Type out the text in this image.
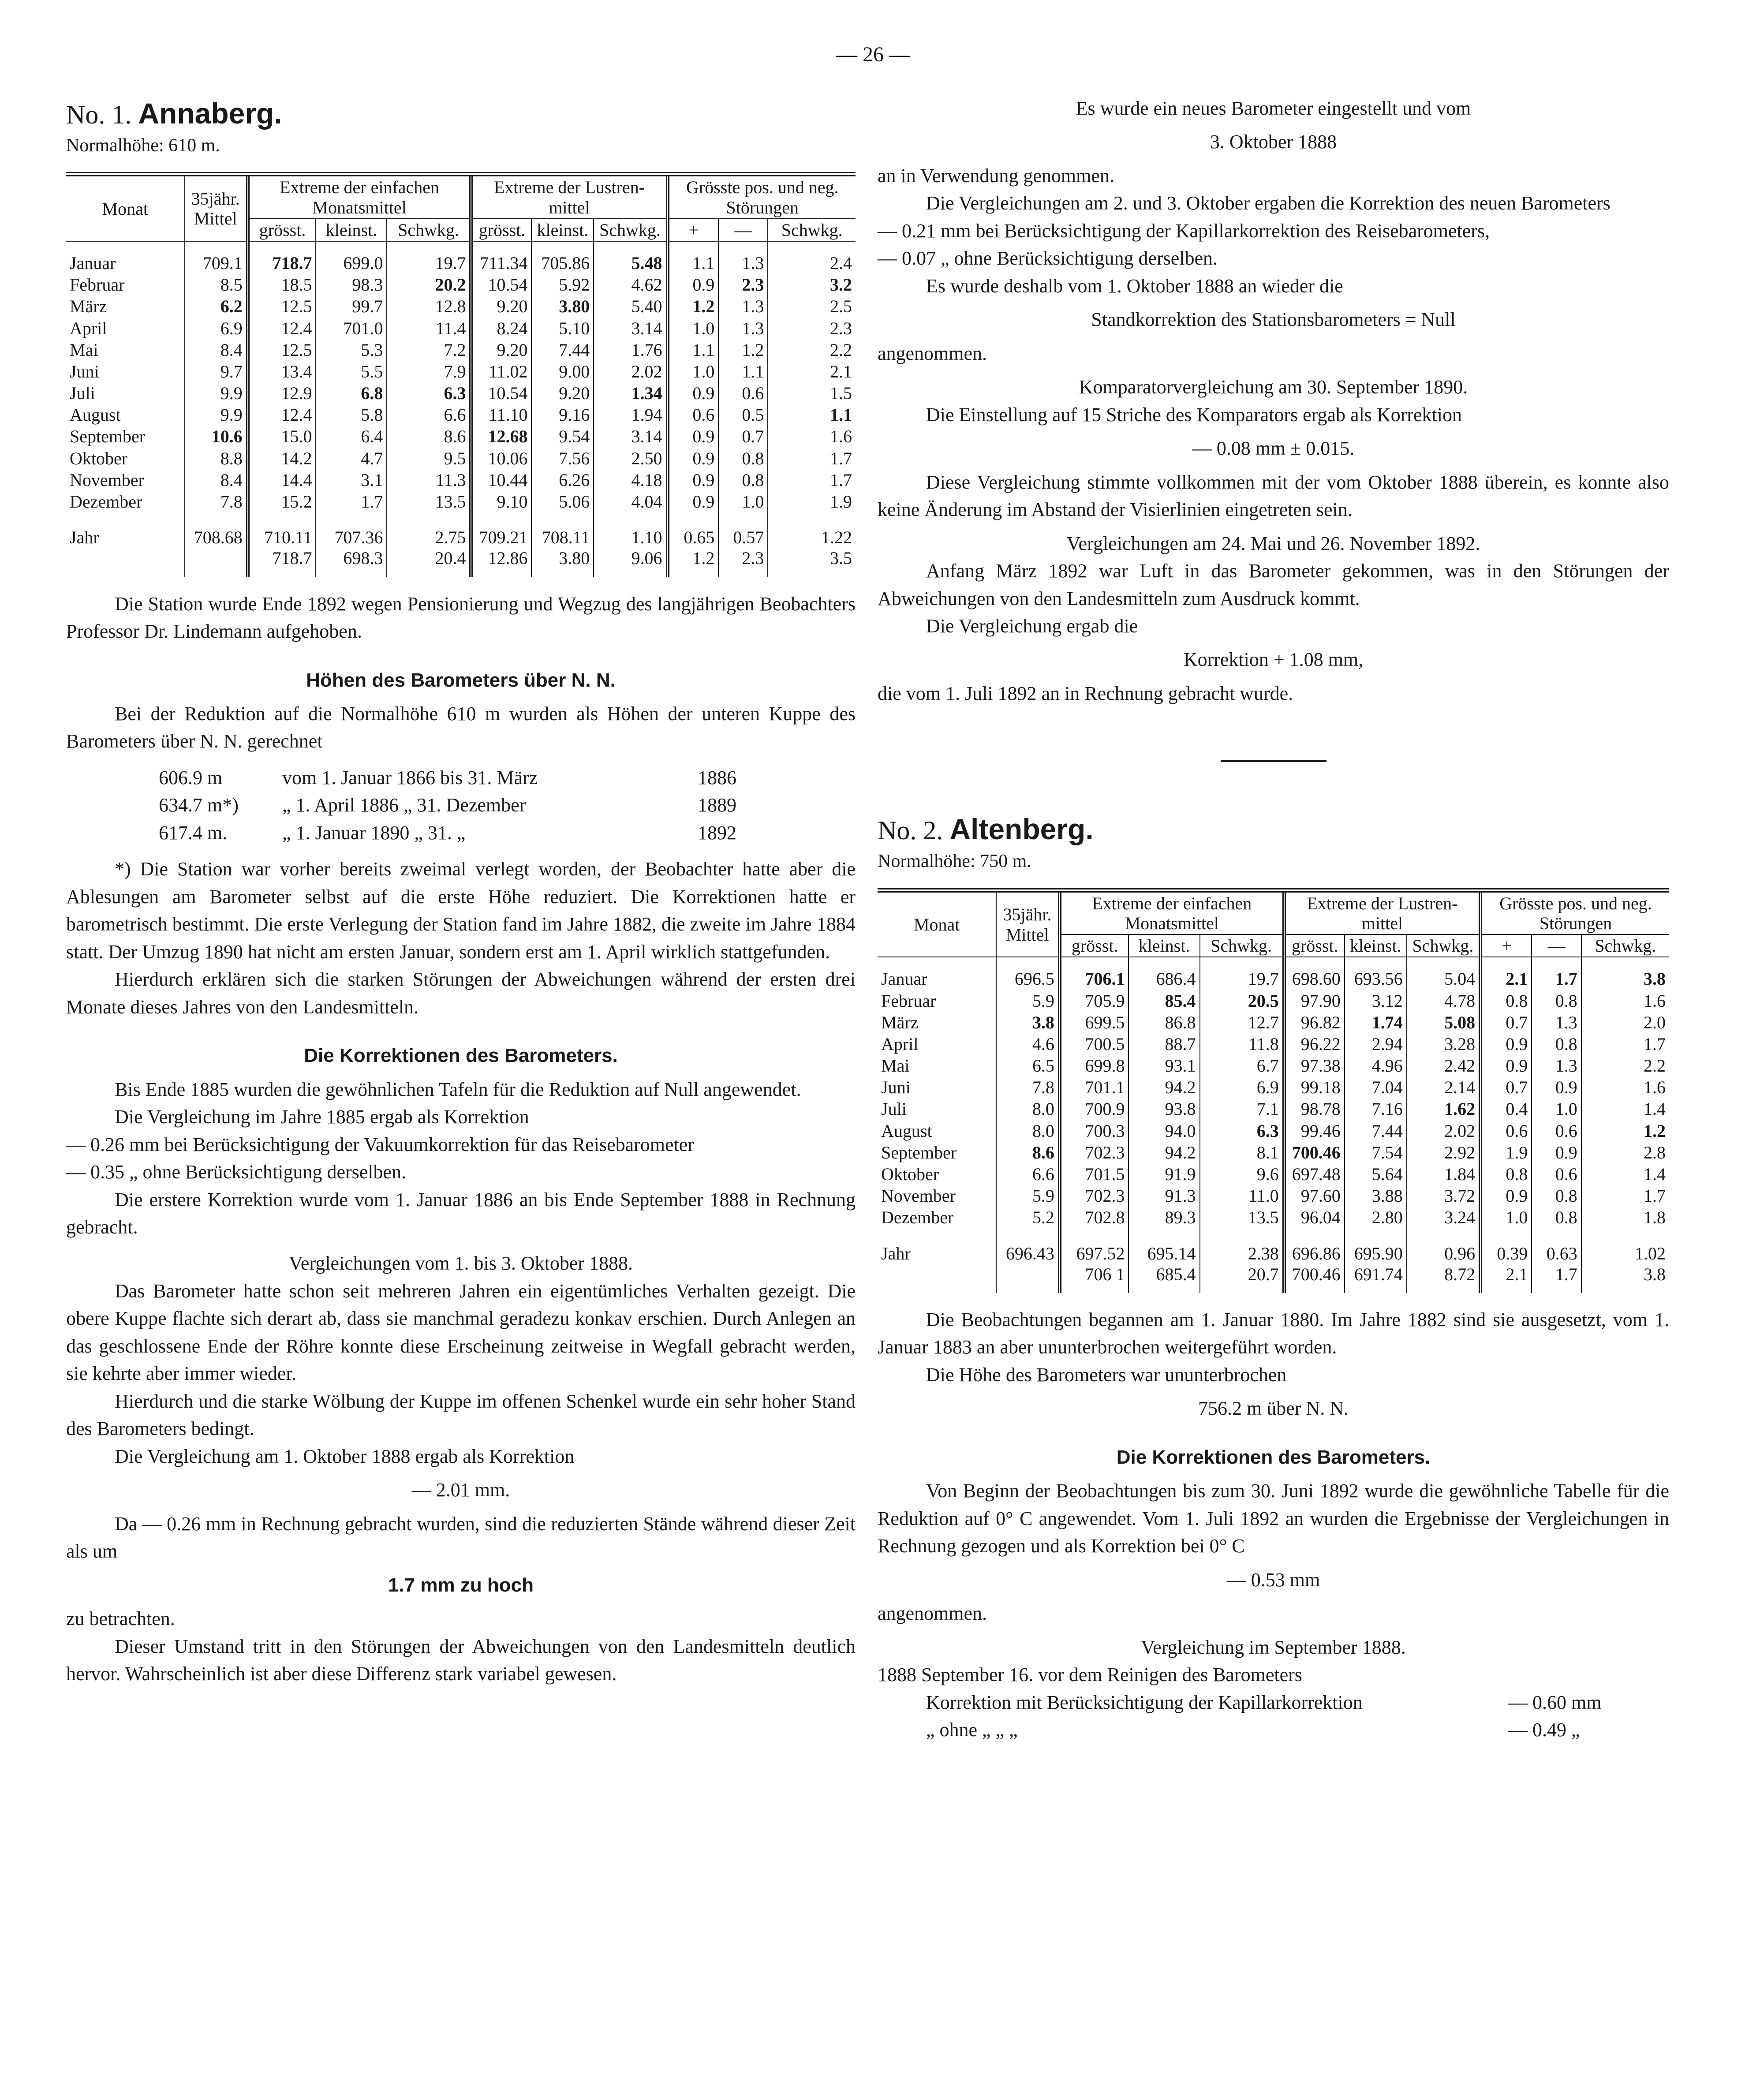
— 26 —

No. 1. Annaberg.

Normalhöhe: 610 m.

Monat	35jähr. Mittel	Extreme der einfachen Monatsmittel			Extreme der Lustren- mittel			Grösste pos. und neg. Störungen		
		grösst.	kleinst.	Schwkg.	grösst.	kleinst.	Schwkg.	+	—	Schwkg.
Januar	709.1	718.7	699.0	19.7	711.34	705.86	5.48	1.1	1.3	2.4
Februar	8.5	18.5	98.3	20.2	10.54	5.92	4.62	0.9	2.3	3.2
März	6.2	12.5	99.7	12.8	9.20	3.80	5.40	1.2	1.3	2.5
April	6.9	12.4	701.0	11.4	8.24	5.10	3.14	1.0	1.3	2.3
Mai	8.4	12.5	5.3	7.2	9.20	7.44	1.76	1.1	1.2	2.2
Juni	9.7	13.4	5.5	7.9	11.02	9.00	2.02	1.0	1.1	2.1
Juli	9.9	12.9	6.8	6.3	10.54	9.20	1.34	0.9	0.6	1.5
August	9.9	12.4	5.8	6.6	11.10	9.16	1.94	0.6	0.5	1.1
September	10.6	15.0	6.4	8.6	12.68	9.54	3.14	0.9	0.7	1.6
Oktober	8.8	14.2	4.7	9.5	10.06	7.56	2.50	0.9	0.8	1.7
November	8.4	14.4	3.1	11.3	10.44	6.26	4.18	0.9	0.8	1.7
Dezember	7.8	15.2	1.7	13.5	9.10	5.06	4.04	0.9	1.0	1.9
Jahr	708.68	710.11	707.36	2.75	709.21	708.11	1.10	0.65	0.57	1.22
		718.7	698.3	20.4	12.86	3.80	9.06	1.2	2.3	3.5

Die Station wurde Ende 1892 wegen Pensionierung und Wegzug des langjährigen Beobachters Professor Dr. Lindemann aufgehoben.

Höhen des Barometers über N. N.

Bei der Reduktion auf die Normalhöhe 610 m wurden als Höhen der unteren Kuppe des Barometers über N. N. gerechnet

606.9 m	vom 1. Januar 1866 bis 31. März	1886
634.7 m*)	„ 1. April 1886 „ 31. Dezember	1889
617.4 m.	„ 1. Januar 1890 „ 31. „	1892

*) Die Station war vorher bereits zweimal verlegt worden, der Beobachter hatte aber die Ablesungen am Barometer selbst auf die erste Höhe reduziert. Die Korrektionen hatte er barometrisch bestimmt. Die erste Verlegung der Station fand im Jahre 1882, die zweite im Jahre 1884 statt. Der Umzug 1890 hat nicht am ersten Januar, sondern erst am 1. April wirklich stattgefunden.

Hierdurch erklären sich die starken Störungen der Abweichungen während der ersten drei Monate dieses Jahres von den Landesmitteln.

Die Korrektionen des Barometers.

Bis Ende 1885 wurden die gewöhnlichen Tafeln für die Reduktion auf Null angewendet.

Die Vergleichung im Jahre 1885 ergab als Korrektion

— 0.26 mm bei Berücksichtigung der Vakuumkorrektion für das Reisebarometer

— 0.35 „ ohne Berücksichtigung derselben.

Die erstere Korrektion wurde vom 1. Januar 1886 an bis Ende September 1888 in Rechnung gebracht.

Vergleichungen vom 1. bis 3. Oktober 1888.

Das Barometer hatte schon seit mehreren Jahren ein eigentümliches Verhalten gezeigt. Die obere Kuppe flachte sich derart ab, dass sie manchmal geradezu konkav erschien. Durch Anlegen an das geschlossene Ende der Röhre konnte diese Erscheinung zeitweise in Wegfall gebracht werden, sie kehrte aber immer wieder.

Hierdurch und die starke Wölbung der Kuppe im offenen Schenkel wurde ein sehr hoher Stand des Barometers bedingt.

Die Vergleichung am 1. Oktober 1888 ergab als Korrektion

— 2.01 mm.

Da — 0.26 mm in Rechnung gebracht wurden, sind die reduzierten Stände während dieser Zeit als um

1.7 mm zu hoch

zu betrachten.

Dieser Umstand tritt in den Störungen der Abweichungen von den Landesmitteln deutlich hervor. Wahrscheinlich ist aber diese Differenz stark variabel gewesen.

Es wurde ein neues Barometer eingestellt und vom

3. Oktober 1888

an in Verwendung genommen.

Die Vergleichungen am 2. und 3. Oktober ergaben die Korrektion des neuen Barometers

— 0.21 mm bei Berücksichtigung der Kapillarkorrektion des Reisebarometers,

— 0.07 „ ohne Berücksichtigung derselben.

Es wurde deshalb vom 1. Oktober 1888 an wieder die

Standkorrektion des Stationsbarometers = Null

angenommen.

Komparatorvergleichung am 30. September 1890.

Die Einstellung auf 15 Striche des Komparators ergab als Korrektion

— 0.08 mm ± 0.015.

Diese Vergleichung stimmte vollkommen mit der vom Oktober 1888 überein, es konnte also keine Änderung im Abstand der Visierlinien eingetreten sein.

Vergleichungen am 24. Mai und 26. November 1892.

Anfang März 1892 war Luft in das Barometer gekommen, was in den Störungen der Abweichungen von den Landesmitteln zum Ausdruck kommt.

Die Vergleichung ergab die

Korrektion + 1.08 mm,

die vom 1. Juli 1892 an in Rechnung gebracht wurde.

No. 2. Altenberg.

Normalhöhe: 750 m.

Monat	35jähr. Mittel	Extreme der einfachen Monatsmittel			Extreme der Lustren- mittel			Grösste pos. und neg. Störungen		
		grösst.	kleinst.	Schwkg.	grösst.	kleinst.	Schwkg.	+	—	Schwkg.
Januar	696.5	706.1	686.4	19.7	698.60	693.56	5.04	2.1	1.7	3.8
Februar	5.9	705.9	85.4	20.5	97.90	3.12	4.78	0.8	0.8	1.6
März	3.8	699.5	86.8	12.7	96.82	1.74	5.08	0.7	1.3	2.0
April	4.6	700.5	88.7	11.8	96.22	2.94	3.28	0.9	0.8	1.7
Mai	6.5	699.8	93.1	6.7	97.38	4.96	2.42	0.9	1.3	2.2
Juni	7.8	701.1	94.2	6.9	99.18	7.04	2.14	0.7	0.9	1.6
Juli	8.0	700.9	93.8	7.1	98.78	7.16	1.62	0.4	1.0	1.4
August	8.0	700.3	94.0	6.3	99.46	7.44	2.02	0.6	0.6	1.2
September	8.6	702.3	94.2	8.1	700.46	7.54	2.92	1.9	0.9	2.8
Oktober	6.6	701.5	91.9	9.6	697.48	5.64	1.84	0.8	0.6	1.4
November	5.9	702.3	91.3	11.0	97.60	3.88	3.72	0.9	0.8	1.7
Dezember	5.2	702.8	89.3	13.5	96.04	2.80	3.24	1.0	0.8	1.8
Jahr	696.43	697.52	695.14	2.38	696.86	695.90	0.96	0.39	0.63	1.02
		706 1	685.4	20.7	700.46	691.74	8.72	2.1	1.7	3.8

Die Beobachtungen begannen am 1. Januar 1880. Im Jahre 1882 sind sie ausgesetzt, vom 1. Januar 1883 an aber ununterbrochen weitergeführt worden.

Die Höhe des Barometers war ununterbrochen

756.2 m über N. N.

Die Korrektionen des Barometers.

Von Beginn der Beobachtungen bis zum 30. Juni 1892 wurde die gewöhnliche Tabelle für die Reduktion auf 0° C angewendet. Vom 1. Juli 1892 an wurden die Ergebnisse der Vergleichungen in Rechnung gezogen und als Korrektion bei 0° C

— 0.53 mm

angenommen.

Vergleichung im September 1888.

1888 September 16. vor dem Reinigen des Barometers

Korrektion mit Berücksichtigung der Kapillarkorrektion	— 0.60 mm
„ ohne „ „ „	— 0.49 „
